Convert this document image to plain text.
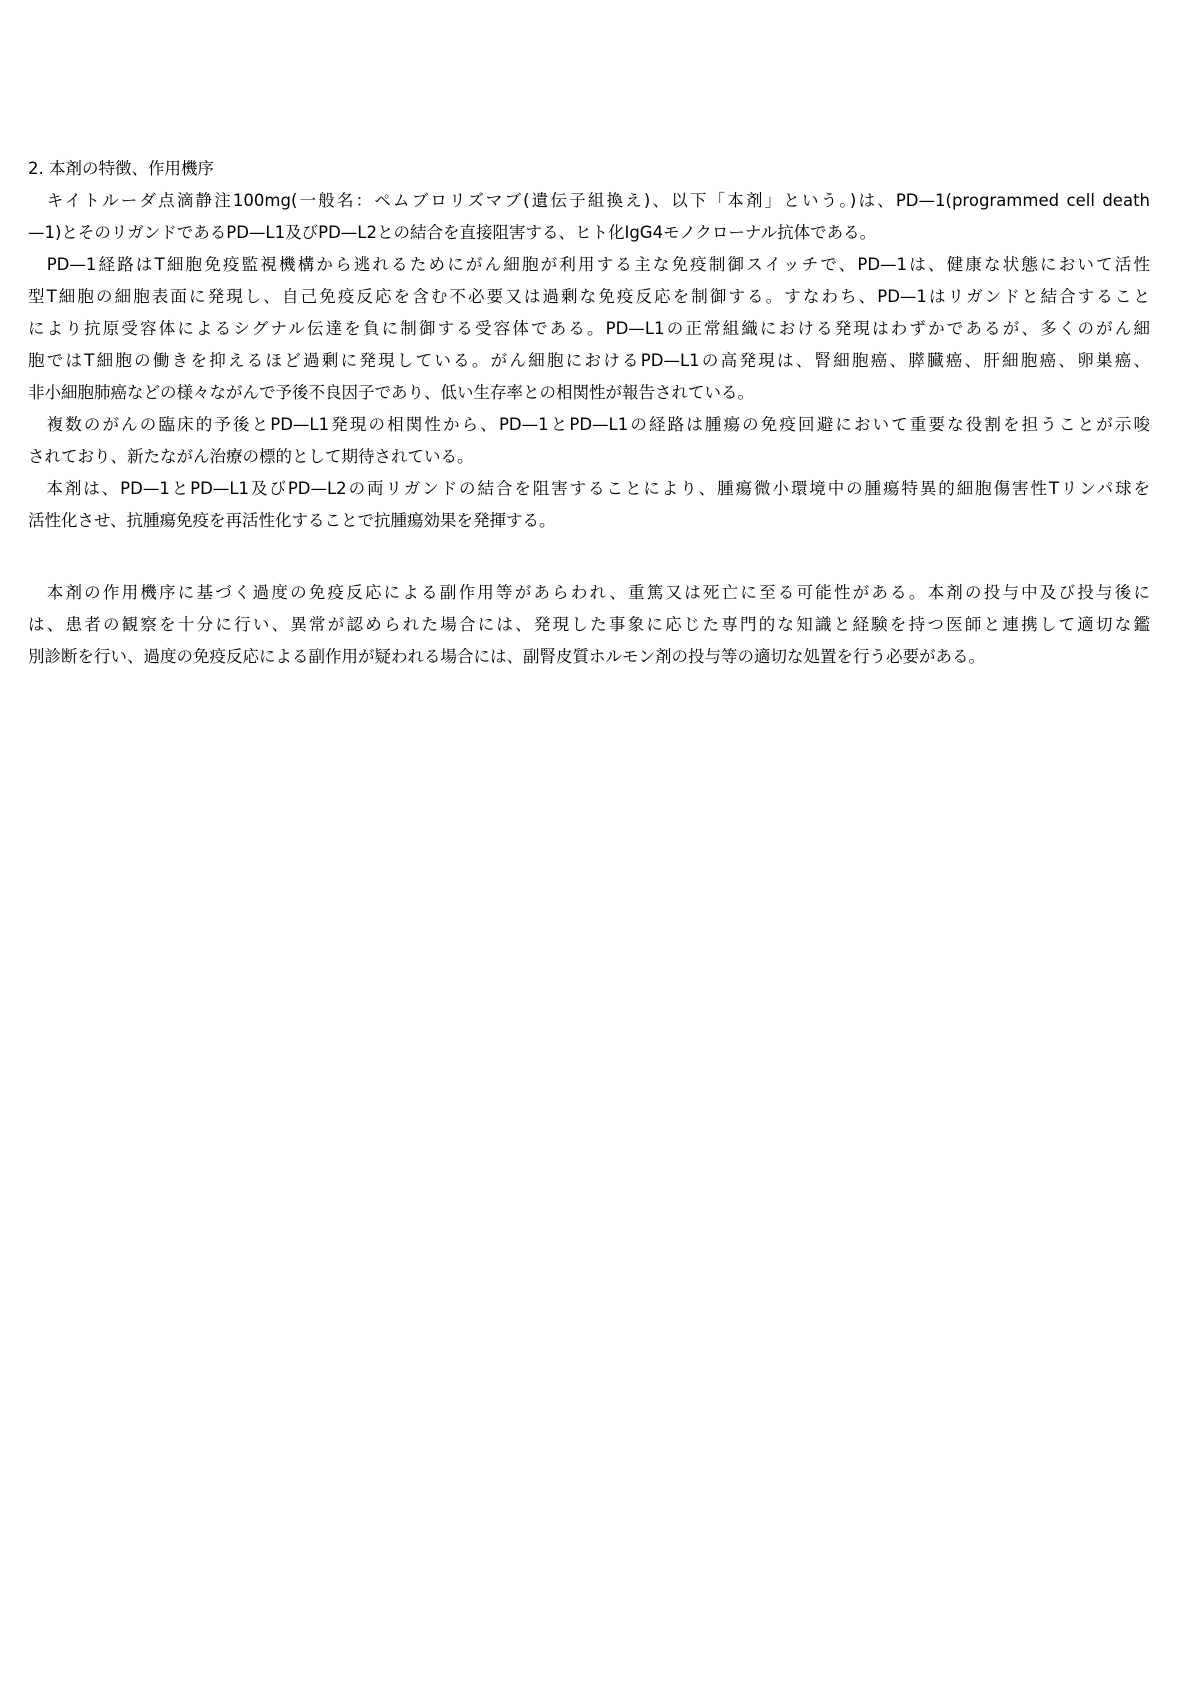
2. 本剤の特徴、作用機序
　キイトルーダ点滴静注100mg(一般名：ペムブロリズマブ(遺伝子組換え)、以下「本剤」という。)は、PD—1(programmed cell death
—1)とそのリガンドであるPD—L1及びPD—L2との結合を直接阻害する、ヒト化IgG4モノクローナル抗体である。
　PD—1経路はT細胞免疫監視機構から逃れるためにがん細胞が利用する主な免疫制御スイッチで、PD—1は、健康な状態において活性
型T細胞の細胞表面に発現し、自己免疫反応を含む不必要又は過剰な免疫反応を制御する。すなわち、PD—1はリガンドと結合すること
により抗原受容体によるシグナル伝達を負に制御する受容体である。PD—L1の正常組織における発現はわずかであるが、多くのがん細
胞ではT細胞の働きを抑えるほど過剰に発現している。がん細胞におけるPD—L1の高発現は、腎細胞癌、膵臓癌、肝細胞癌、卵巣癌、
非小細胞肺癌などの様々ながんで予後不良因子であり、低い生存率との相関性が報告されている。
　複数のがんの臨床的予後とPD—L1発現の相関性から、PD—1とPD—L1の経路は腫瘍の免疫回避において重要な役割を担うことが示唆
されており、新たながん治療の標的として期待されている。
　本剤は、PD—1とPD—L1及びPD—L2の両リガンドの結合を阻害することにより、腫瘍微小環境中の腫瘍特異的細胞傷害性Tリンパ球を
活性化させ、抗腫瘍免疫を再活性化することで抗腫瘍効果を発揮する。
　本剤の作用機序に基づく過度の免疫反応による副作用等があらわれ、重篤又は死亡に至る可能性がある。本剤の投与中及び投与後に
は、患者の観察を十分に行い、異常が認められた場合には、発現した事象に応じた専門的な知識と経験を持つ医師と連携して適切な鑑
別診断を行い、過度の免疫反応による副作用が疑われる場合には、副腎皮質ホルモン剤の投与等の適切な処置を行う必要がある。
